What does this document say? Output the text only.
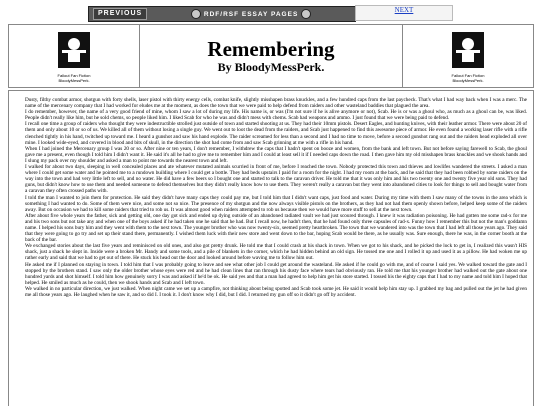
PREVIOUS	RDF/RSF ESSAY PAGES	NEXT
Fallout Fan Fiction
BloodyMessPerk.
Remembering
By BloodyMessPerk.
Fallout Fan Fiction
BloodyMessPerk.

Dusty, filthy combat armor, shotgun with forty shells, laser pistol with thirty energy cells, combat knife, slightly misshapen brass knuckles, and a few hundred caps from the last paycheck. That's what I had way back when I was a merc. The name of the mercenary company that I had worked for eludes me at the moment, as does the town that we were paid to help defend from raiders and other wasteland baddies that plagued the area.

I do remember, however, the name of a very good friend of mine, whom I saw a lot of during my life. His name is, or was (I'm not sure if he is alive anymore or not), Scab. He is or was a ghoul who, as much as a ghoul can be, was liked. People didn't really like him, but he sold chems, so people liked him. I liked Scab for who he was and didn't mess with chems. Scab had weapons and ammo. I just found that we were being paid to defend.

I recall one time a group of raiders who thought they were indestructible strolled just outside of town and started shooting at us. They had their 10mm pistols. Desert Eagles, and hunting knives, with their leather armor. There were about 20 of them and only about 10 or so of us. We killed all of them without losing a single guy. We went out to loot the dead from the raiders, and Scab just happened to find this awesome piece of armor. He even found a working laser rifle with a rifle clenched tightly in his hand, twitched up toward me. I heard a gunshot and saw his hand explode. The raider screamed for less than a second and I had no time to move, before a second gunshot rang out and the raiders head exploded all over mine. I looked wide-eyed, and covered in blood and bits of skull, in the direction the shot had come from and saw Scab grinning at me with a rifle in his hand.

When I had joined the Mercenary group I was 20 or so. After nine or ten years, I don't remember, I withdrew the caps that I hadn't spent on booze and women, from the bank and left town. But not before saying farewell to Scab, the ghoul gave me a present, even though I told him I didn't want it. He said it's all he had to give me to remember him and I could at least sell it if I needed caps down the road. I then gave him my old misshapen brass knuckles and we shook hands and I slung my pack over my shoulder and asked a man to point me towards the nearest town and left.

I walked for about two days, sleeping in well concealed places and ate whatever mutated animals scurried in front of me, before I reached the town. Nobody protected this town and thieves and lowlifes wandered the streets. I asked a man where I could get some water and he pointed me to a rundown building where I could get a bottle. They had beds upstairs I paid for a room for the night. I had my room at the back, and he said that they had been robbed by some raiders on the way into the town and had very little left to sell, and no water. He did have a few beers so I bought one and started to talk to the caravan driver. He told me that it was only him and his two twenty one and twenty five year old sons. They had guns, but didn't know how to use them and needed someone to defend themselves but they didn't really know how to use them. They weren't really a caravan but they went into abandoned cities to look for things to sell and bought water from a caravan they often crossed paths with.

I told the man I wanted to join them for protection. He said they didn't have many caps they could pay me, but I told him that I didn't want caps, just food and water. During my time with them I saw many of the towns in the area which is something I had wanted to do. Some of them were nice, and some not so nice. The presence of my shotgun and the now always visible pistols on the brothers, as they had not had them openly shown before, helped keep some of the raiders away. But on occasion we had to kill some raiders that tried to rob us. It was almost good when raiders attempted to rob us because then we would have more stuff to sell at the next town.

After about five whole years the father, sick and getting old, one day got sick and ended up dying outside of an abandoned radiated vault we had just scoured through. I knew it was radiation poisoning. He had gotten me some rad-x for me and his two sons but not take any and when one of the boys asked if he had taken one he said that he had. But I recall now, he hadn't then, that he had found only three capsules of rad-x. Funny how I remember this but not the man's goddamn name. I helped his sons bury him and they went with them to the next town. The younger brother who was now twenty-six, seemed pretty heartbroken. The town that we wandered into was the town that I had left all those years ago. They said that they were going to go try and set up their stand there, permanently. I wished them luck with their new store and went down to the bar, hoping Scab would be there, as he usually was. Sure enough, there he was, in the corner booth at the back of the bar.

We exchanged stories about the last five years and reminisced on old ones, and also got pretty drunk. He told me that I could crash at his shack in town. When we got to his shack, and he picked the lock to get in, I realized this wasn't HIS shack, just a shack he slept in. Inside were a broken Mr. Handy and some tools, and a pile of blankets in the corner, which he had hidden behind an old sign. He tossed me one and I rolled it up and used it as a pillow. He had woken me up rather early and said that we had to get out of there. He stuck his head out the door and looked around before waving me to follow him out.

He asked me if I planned on staying in town. I told him that I was probably going to leave and see what other job I could get around the wasteland. He asked if he could go with me, and of course I said yes. We walked toward the gate and I stopped by the brothers stand. I saw only the older brother whose eyes were red and he had clean lines that ran through his dusty face where tears had obviously ran. He told me that his younger brother had walked out the gate about one hundred yards and shot himself. I told him how genuinely sorry I was and asked if he'd be ok. He said yes and that a man had agreed to help him get his store started. I tossed his the eighty caps that I had to my name and told him I hoped that helped. He smiled as much as he could, then we shook hands and Scab and I left town.

We walked in no particular direction, we just walked. When night came we set up a campfire, not thinking about being spotted and Scab took some jet. He said it would help him stay up. I grabbed my bag and pulled out the jet he had given me all those years ago. He laughed when he saw it, and so did I. I took it. I don't know why I did, but I did. I returned my gun off so it didn't go off by accident.
